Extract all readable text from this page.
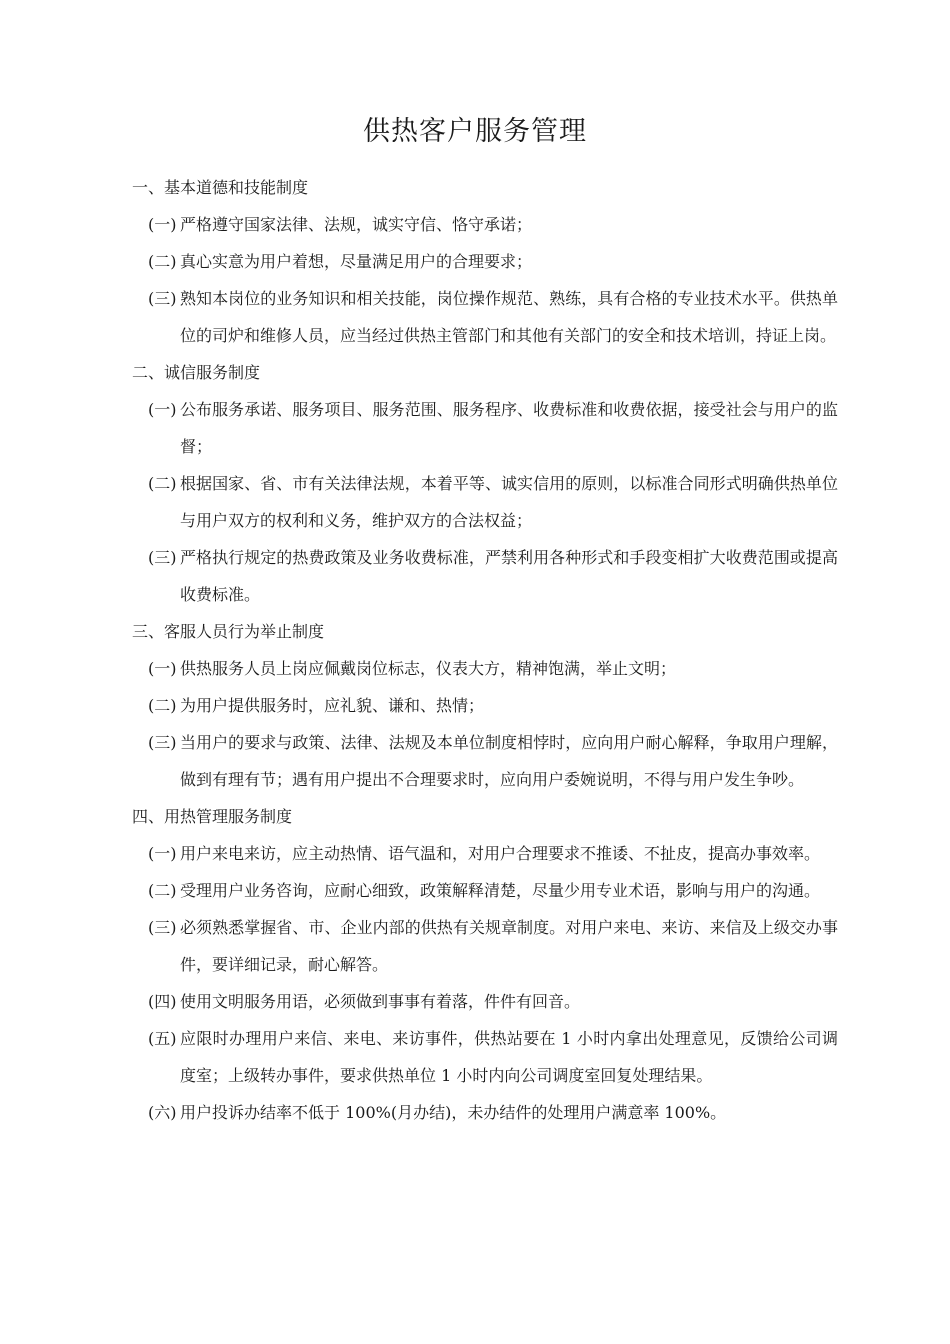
供热客户服务管理
一、基本道德和技能制度
(一) 严格遵守国家法律、法规，诚实守信、恪守承诺；
(二) 真心实意为用户着想，尽量满足用户的合理要求；
(三) 熟知本岗位的业务知识和相关技能，岗位操作规范、熟练，具有合格的专业技术水平。供热单位的司炉和维修人员，应当经过供热主管部门和其他有关部门的安全和技术培训，持证上岗。
二、诚信服务制度
(一) 公布服务承诺、服务项目、服务范围、服务程序、收费标准和收费依据，接受社会与用户的监督；
(二) 根据国家、省、市有关法律法规，本着平等、诚实信用的原则，以标准合同形式明确供热单位与用户双方的权利和义务，维护双方的合法权益；
(三) 严格执行规定的热费政策及业务收费标准，严禁利用各种形式和手段变相扩大收费范围或提高收费标准。
三、客服人员行为举止制度
(一) 供热服务人员上岗应佩戴岗位标志，仪表大方，精神饱满，举止文明；
(二) 为用户提供服务时，应礼貌、谦和、热情；
(三) 当用户的要求与政策、法律、法规及本单位制度相悖时，应向用户耐心解释，争取用户理解，做到有理有节；遇有用户提出不合理要求时，应向用户委婉说明，不得与用户发生争吵。
四、用热管理服务制度
(一) 用户来电来访，应主动热情、语气温和，对用户合理要求不推诿、不扯皮，提高办事效率。
(二) 受理用户业务咨询，应耐心细致，政策解释清楚，尽量少用专业术语，影响与用户的沟通。
(三) 必须熟悉掌握省、市、企业内部的供热有关规章制度。对用户来电、来访、来信及上级交办事件，要详细记录，耐心解答。
(四) 使用文明服务用语，必须做到事事有着落，件件有回音。
(五) 应限时办理用户来信、来电、来访事件，供热站要在 1 小时内拿出处理意见，反馈给公司调度室；上级转办事件，要求供热单位 1 小时内向公司调度室回复处理结果。
(六) 用户投诉办结率不低于 100%(月办结)，未办结件的处理用户满意率 100%。
